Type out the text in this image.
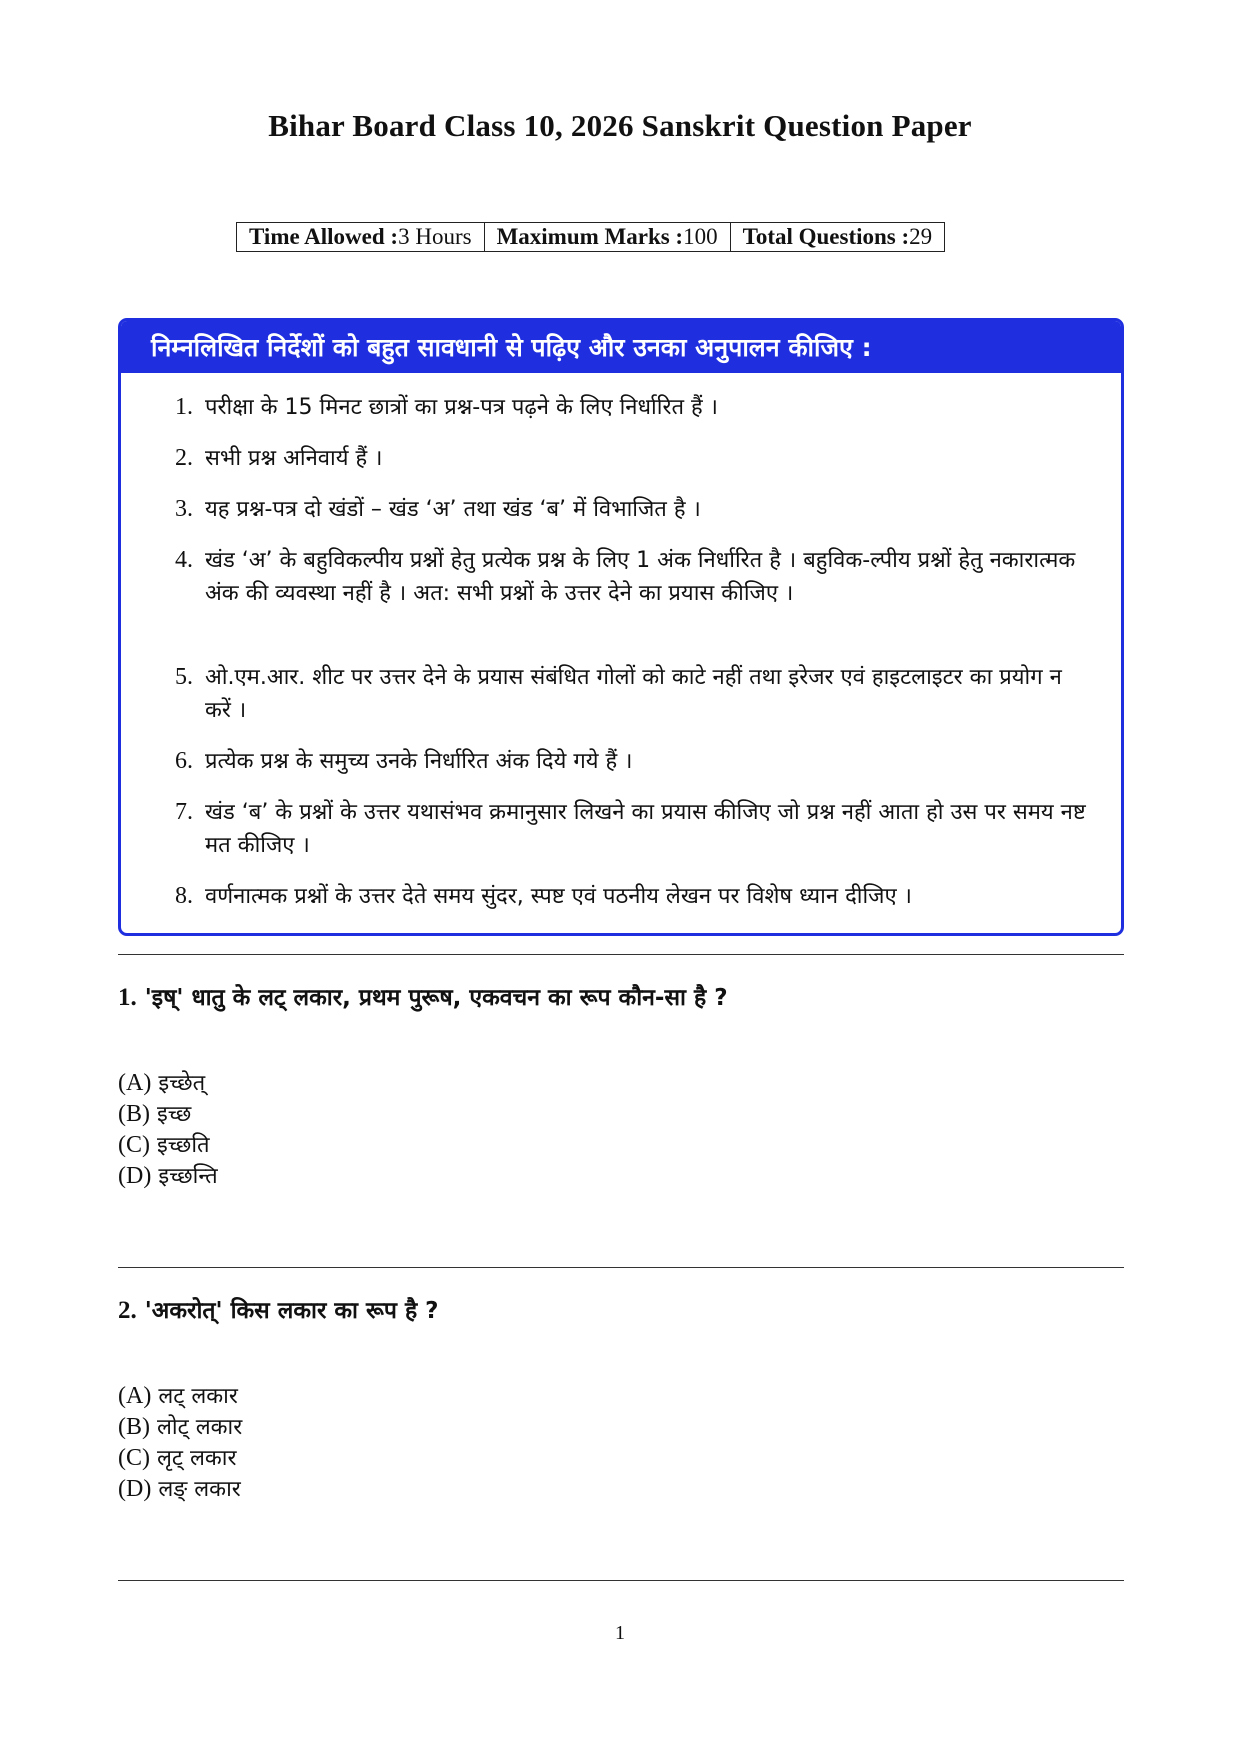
Bihar Board Class 10, 2026 Sanskrit Question Paper
Time Allowed :3 Hours	Maximum Marks :100	Total Questions :29
निम्नलिखित निर्देशों को बहुत सावधानी से पढ़िए और उनका अनुपालन कीजिए :
1. परीक्षा के 15 मिनट छात्रों का प्रश्न-पत्र पढ़ने के लिए निर्धारित हैं ।
2. सभी प्रश्न अनिवार्य हैं ।
3. यह प्रश्न-पत्र दो खंडों – खंड ‘अ’ तथा खंड ‘ब’ में विभाजित है ।
4. खंड ‘अ’ के बहुविकल्पीय प्रश्नों हेतु प्रत्येक प्रश्न के लिए 1 अंक निर्धारित है । बहुविक-ल्पीय प्रश्नों हेतु नकारात्मक अंक की व्यवस्था नहीं है । अत: सभी प्रश्नों के उत्तर देने का प्रयास कीजिए ।
5. ओ.एम.आर. शीट पर उत्तर देने के प्रयास संबंधित गोलों को काटे नहीं तथा इरेजर एवं हाइटलाइटर का प्रयोग न करें ।
6. प्रत्येक प्रश्न के समुच्य उनके निर्धारित अंक दिये गये हैं ।
7. खंड ‘ब’ के प्रश्नों के उत्तर यथासंभव क्रमानुसार लिखने का प्रयास कीजिए जो प्रश्न नहीं आता हो उस पर समय नष्ट मत कीजिए ।
8. वर्णनात्मक प्रश्नों के उत्तर देते समय सुंदर, स्पष्ट एवं पठनीय लेखन पर विशेष ध्यान दीजिए ।
1. 'इष्' धातु के लट् लकार, प्रथम पुरूष, एकवचन का रूप कौन-सा है ?
(A) इच्छेत्
(B) इच्छ
(C) इच्छति
(D) इच्छन्ति
2. 'अकरोत्' किस लकार का रूप है ?
(A) लट् लकार
(B) लोट् लकार
(C) लृट् लकार
(D) लङ् लकार
1
